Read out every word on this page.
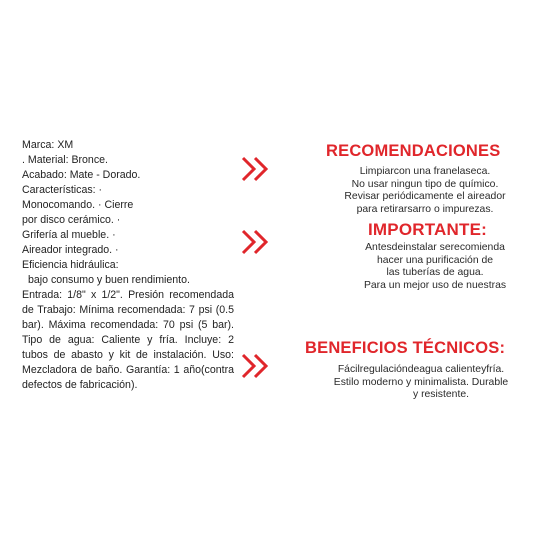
Marca: XM
. Material: Bronce.
Acabado: Mate - Dorado.
Características: ·
Monocomando. · Cierre
por disco cerámico. ·
Grifería al mueble. ·
Aireador integrado. ·
Eficiencia hidráulica:
bajo consumo y buen rendimiento.
Entrada: 1/8" x 1/2". Presión recomendada de Trabajo: Mínima recomendada: 7 psi (0.5 bar). Máxima recomendada: 70 psi (5 bar). Tipo de agua: Caliente y fría. Incluye: 2 tubos de abasto y kit de instalación. Uso: Mezcladora de baño. Garantía: 1 año(contra defectos de fabricación).
RECOMENDACIONES
Limpiarcon una franelaseca.
No usar ningun tipo de químico.
Revisar periódicamente el aireador
para retirarsarro o impurezas.
IMPORTANTE:
Antesdeinstalar serecomienda
hacer una purificación de
las tuberías de agua.
Para un mejor uso de nuestras
BENEFICIOS TÉCNICOS:
Fácilregulacióndeagua calienteyfría.
Estilo moderno y minimalista. Durable
y resistente.
